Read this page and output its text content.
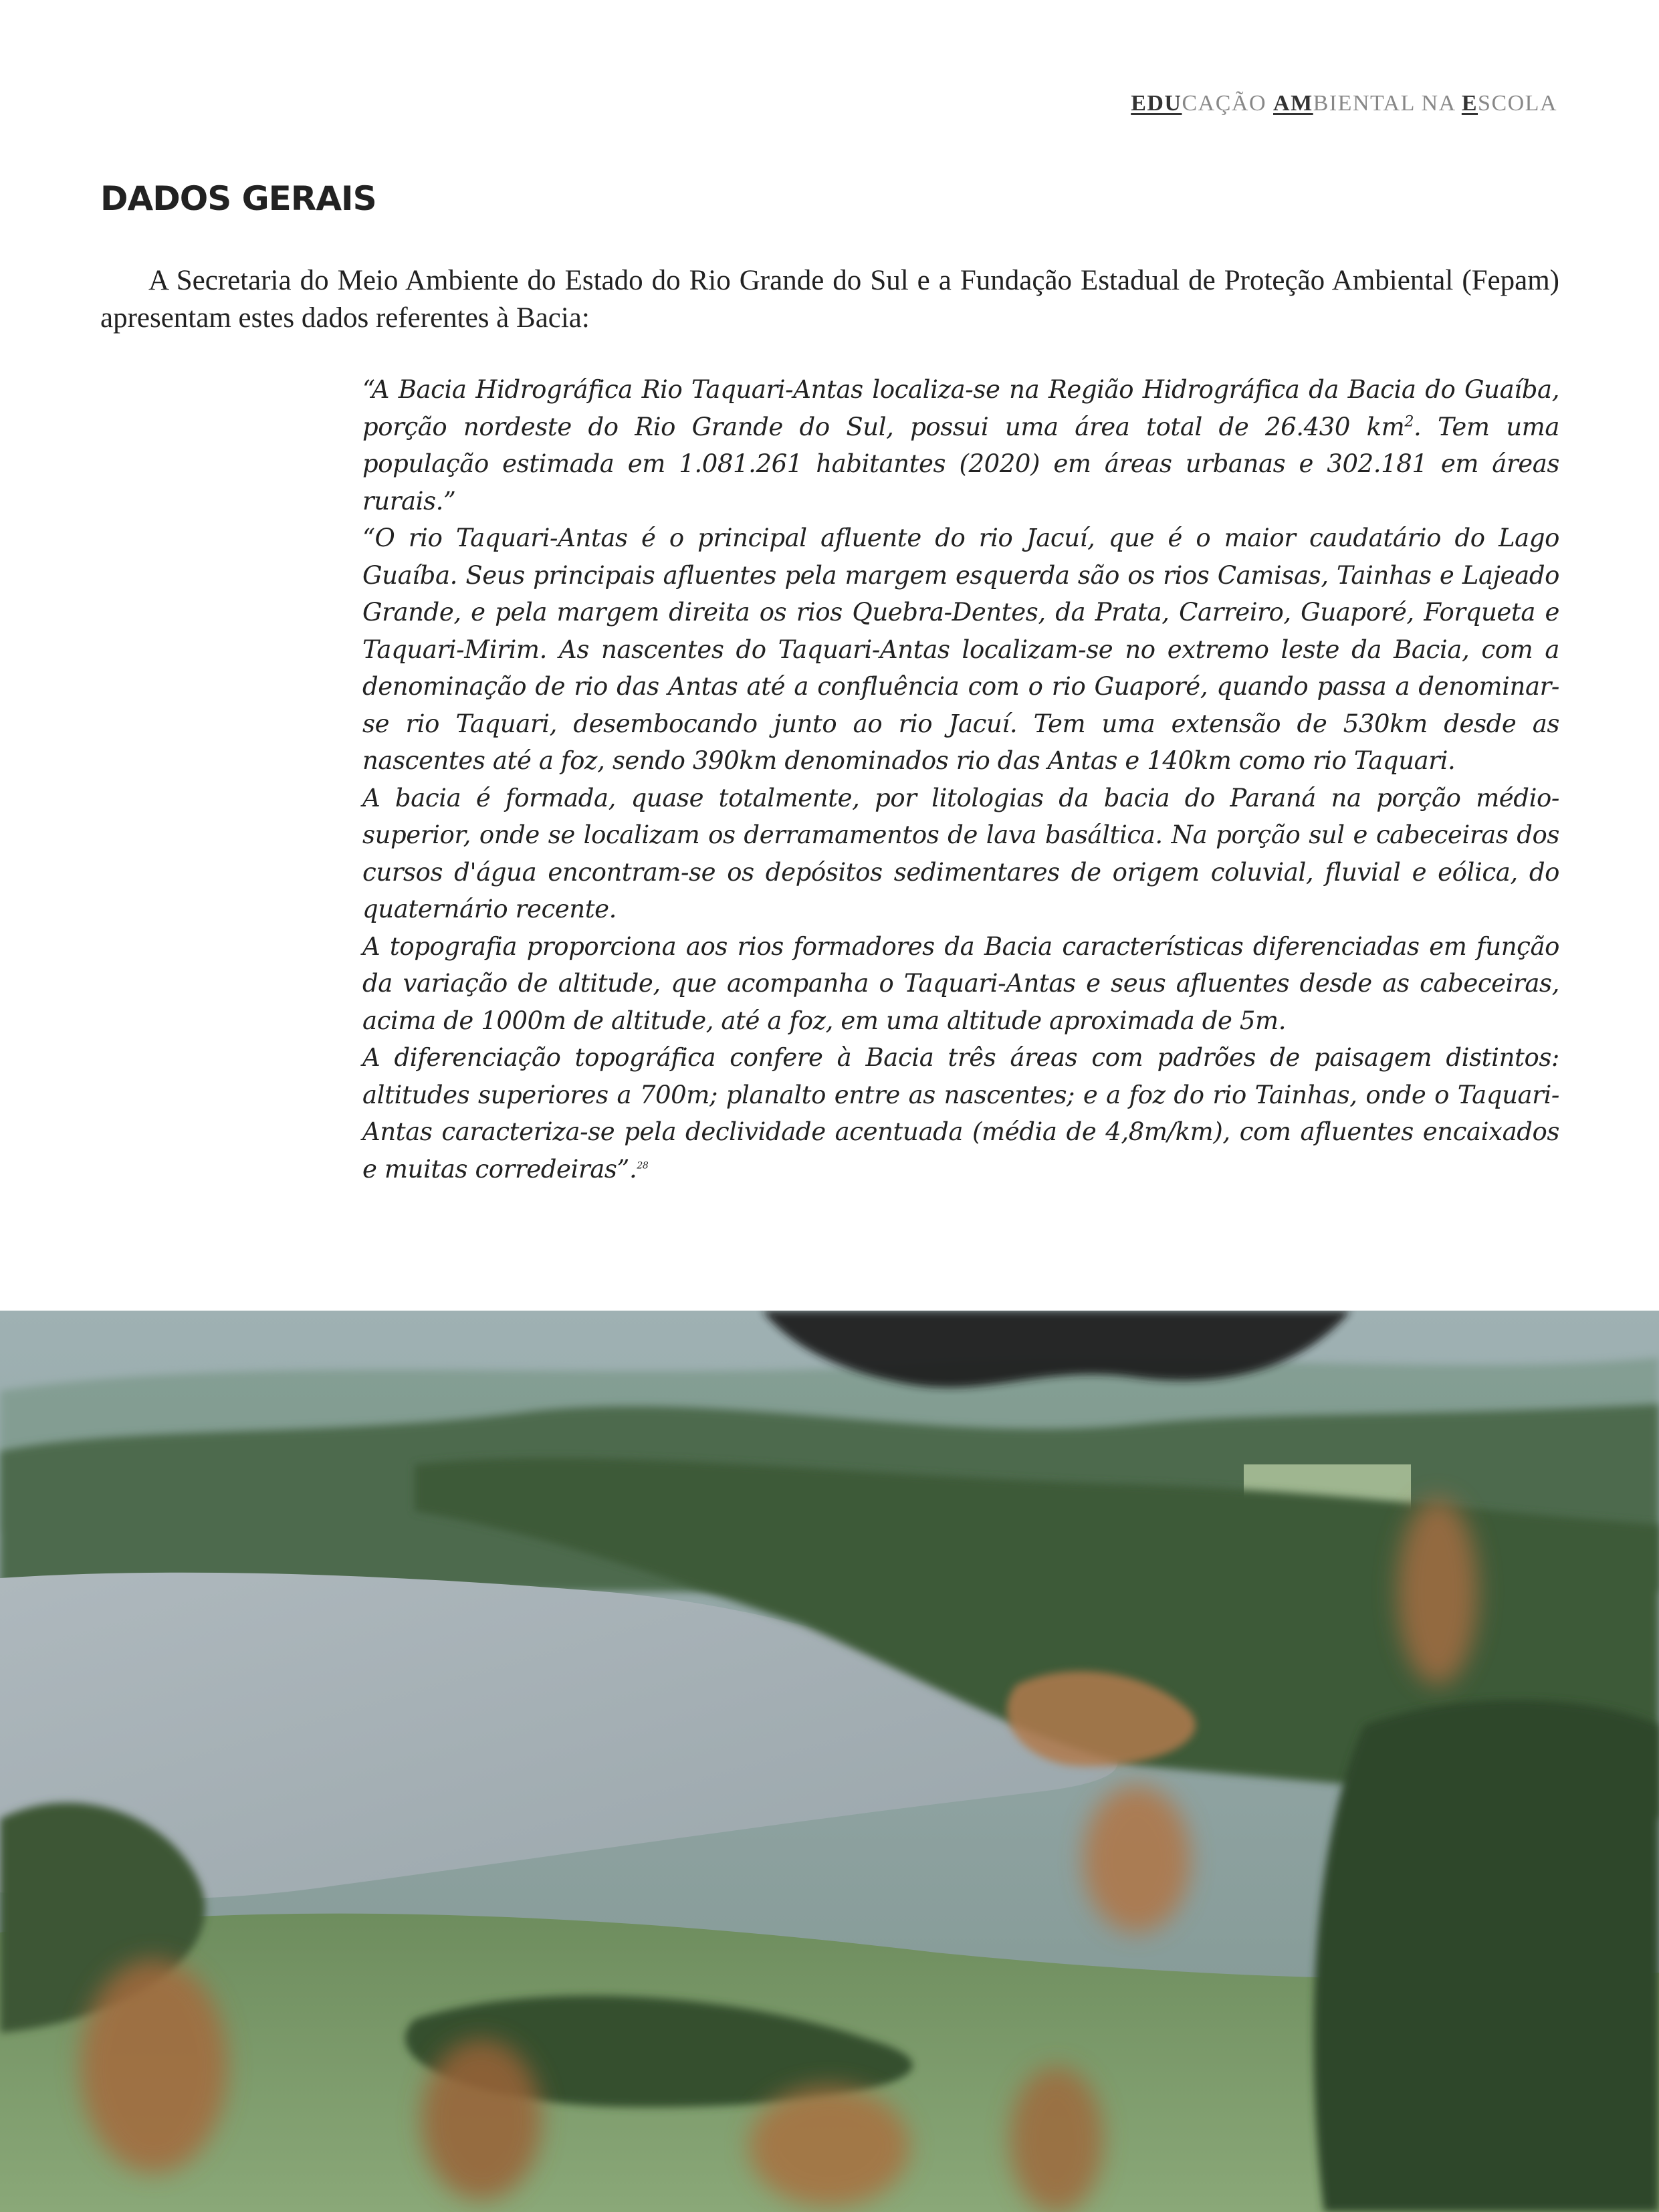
EDUCAÇÃO AMBIENTAL NA ESCOLA
DADOS GERAIS

A Secretaria do Meio Ambiente do Estado do Rio Grande do Sul e a Fundação Estadual de Proteção Ambiental (Fepam) apresentam estes dados referentes à Bacia:

“A Bacia Hidrográfica Rio Taquari-Antas localiza-se na Região Hidrográfica da Bacia do Guaíba, porção nordeste do Rio Grande do Sul, possui uma área total de 26.430 $km^2$. Tem uma população estimada em 1.081.261 habitantes (2020) em áreas urbanas e 302.181 em áreas rurais.”

“O rio Taquari-Antas é o principal afluente do rio Jacuí, que é o maior caudatário do Lago Guaíba. Seus principais afluentes pela margem esquerda são os rios Camisas, Tainhas e Lajeado Grande, e pela margem direita os rios Quebra-Dentes, da Prata, Carreiro, Guaporé, Forqueta e Taquari-Mirim. As nascentes do Taquari-Antas localizam-se no extremo leste da Bacia, com a denominação de rio das Antas até a confluência com o rio Guaporé, quando passa a denominar-se rio Taquari, desembocando junto ao rio Jacuí. Tem uma extensão de 530km desde as nascentes até a foz, sendo 390km denominados rio das Antas e 140km como rio Taquari.

A bacia é formada, quase totalmente, por litologias da bacia do Paraná na porção médio-superior, onde se localizam os derramamentos de lava basáltica. Na porção sul e cabeceiras dos cursos d'água encontram-se os depósitos sedimentares de origem coluvial, fluvial e eólica, do quaternário recente.

A topografia proporciona aos rios formadores da Bacia características diferenciadas em função da variação de altitude, que acompanha o Taquari-Antas e seus afluentes desde as cabeceiras, acima de 1000m de altitude, até a foz, em uma altitude aproximada de 5m.

A diferenciação topográfica confere à Bacia três áreas com padrões de paisagem distintos: altitudes superiores a 700m; planalto entre as nascentes; e a foz do rio Tainhas, onde o Taquari-Antas caracteriza-se pela declividade acentuada (média de 4,8m/km), com afluentes encaixados e muitas corredeiras”.$^{28}$
